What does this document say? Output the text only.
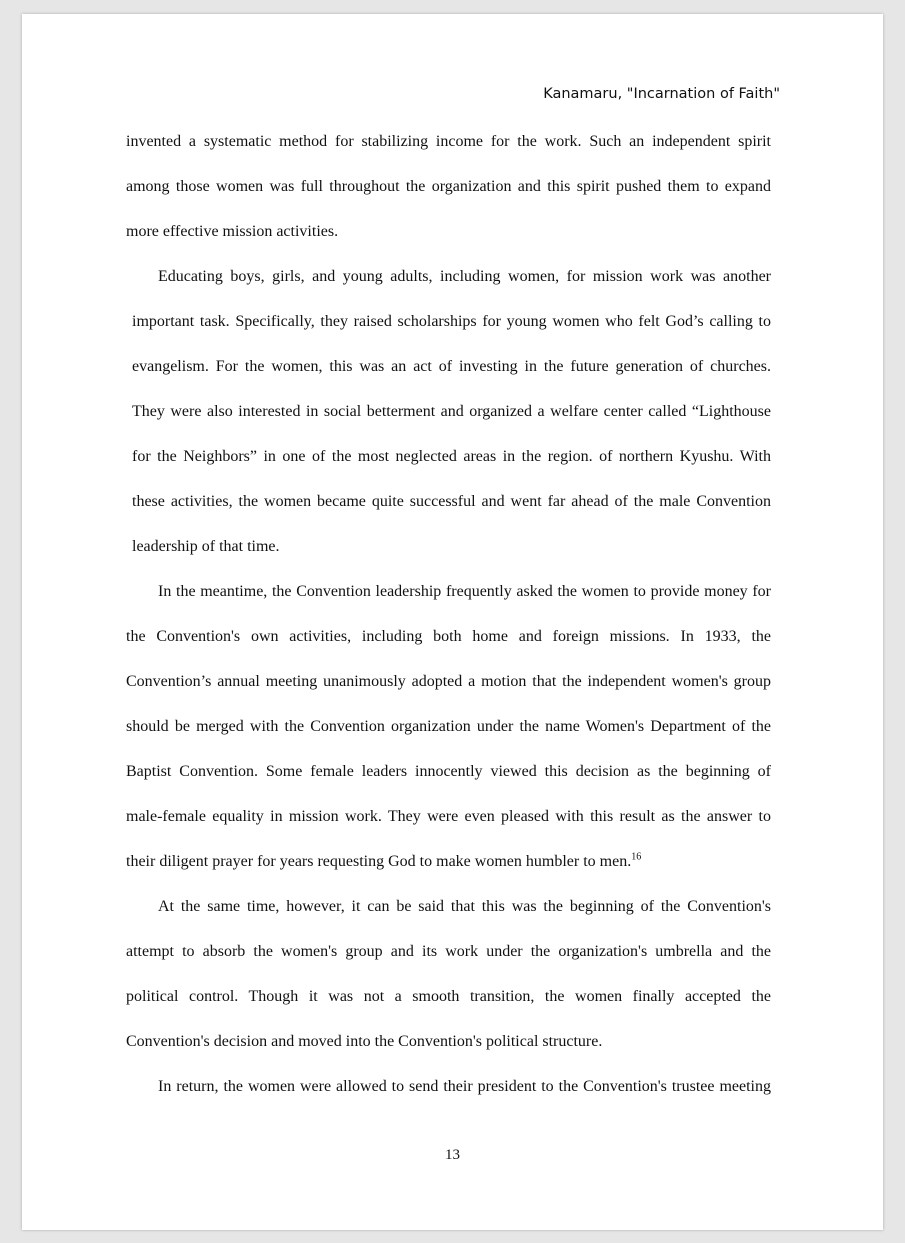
Kanamaru, "Incarnation of Faith"
invented a systematic method for stabilizing income for the work. Such an independent spirit
among those women was full throughout the organization and this spirit pushed them to expand
more effective mission activities.
Educating boys, girls, and young adults, including women, for mission work was another
important task. Specifically, they raised scholarships for young women who felt God’s calling to
evangelism. For the women, this was an act of investing in the future generation of churches.
They were also interested in social betterment and organized a welfare center called “Lighthouse
for the Neighbors” in one of the most neglected areas in the region. of northern Kyushu. With
these activities, the women became quite successful and went far ahead of the male Convention
leadership of that time.
In the meantime, the Convention leadership frequently asked the women to provide money for
the Convention's own activities, including both home and foreign missions. In 1933, the
Convention’s annual meeting unanimously adopted a motion that the independent women's group
should be merged with the Convention organization under the name Women's Department of the
Baptist Convention. Some female leaders innocently viewed this decision as the beginning of
male-female equality in mission work. They were even pleased with this result as the answer to
their diligent prayer for years requesting God to make women humbler to men.$^{16}$
At the same time, however, it can be said that this was the beginning of the Convention's
attempt to absorb the women's group and its work under the organization's umbrella and the
political control. Though it was not a smooth transition, the women finally accepted the
Convention's decision and moved into the Convention's political structure.
In return, the women were allowed to send their president to the Convention's trustee meeting
13
